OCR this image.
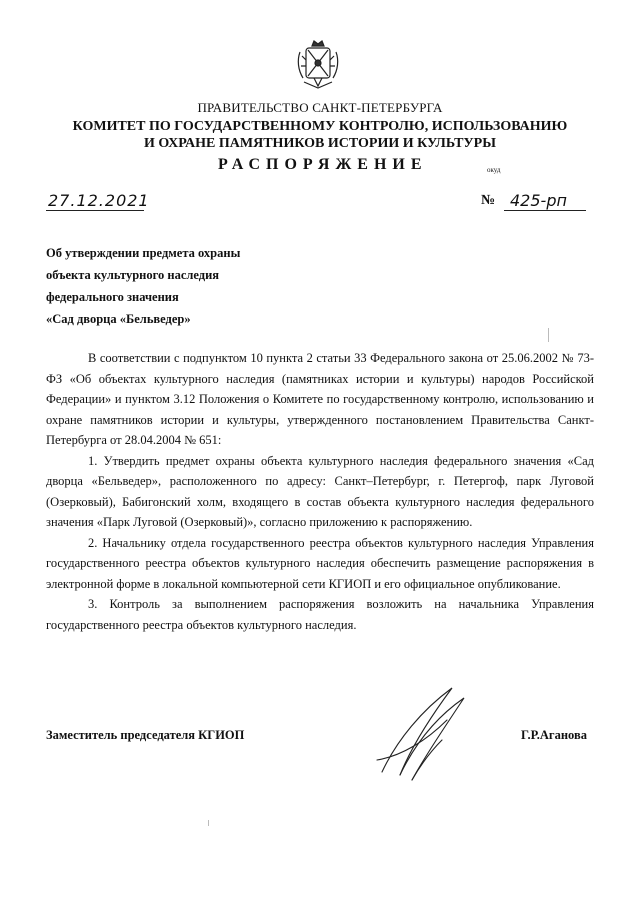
ПРАВИТЕЛЬСТВО САНКТ-ПЕТЕРБУРГА
КОМИТЕТ ПО ГОСУДАРСТВЕННОМУ КОНТРОЛЮ, ИСПОЛЬЗОВАНИЮ
И ОХРАНЕ ПАМЯТНИКОВ ИСТОРИИ И КУЛЬТУРЫ
РАСПОРЯЖЕНИЕ	окуд
27.12.2021	№ 425-рп
Об утверждении предмета охраны
объекта культурного наследия
федерального значения
«Сад дворца «Бельведер»

В соответствии с подпунктом 10 пункта 2 статьи 33 Федерального закона от 25.06.2002 № 73-ФЗ «Об объектах культурного наследия (памятниках истории и культуры) народов Российской Федерации» и пунктом 3.12 Положения о Комитете по государственному контролю, использованию и охране памятников истории и культуры, утвержденного постановлением Правительства Санкт-Петербурга от 28.04.2004 № 651:

1. Утвердить предмет охраны объекта культурного наследия федерального значения «Сад дворца «Бельведер», расположенного по адресу: Санкт–Петербург, г. Петергоф, парк Луговой (Озерковый), Бабигонский холм, входящего в состав объекта культурного наследия федерального значения «Парк Луговой (Озерковый)», согласно приложению к распоряжению.

2. Начальнику отдела государственного реестра объектов культурного наследия Управления государственного реестра объектов культурного наследия обеспечить размещение распоряжения в электронной форме в локальной компьютерной сети КГИОП и его официальное опубликование.

3. Контроль за выполнением распоряжения возложить на начальника Управления государственного реестра объектов культурного наследия.

Заместитель председателя КГИОП	Г.Р.Аганова
